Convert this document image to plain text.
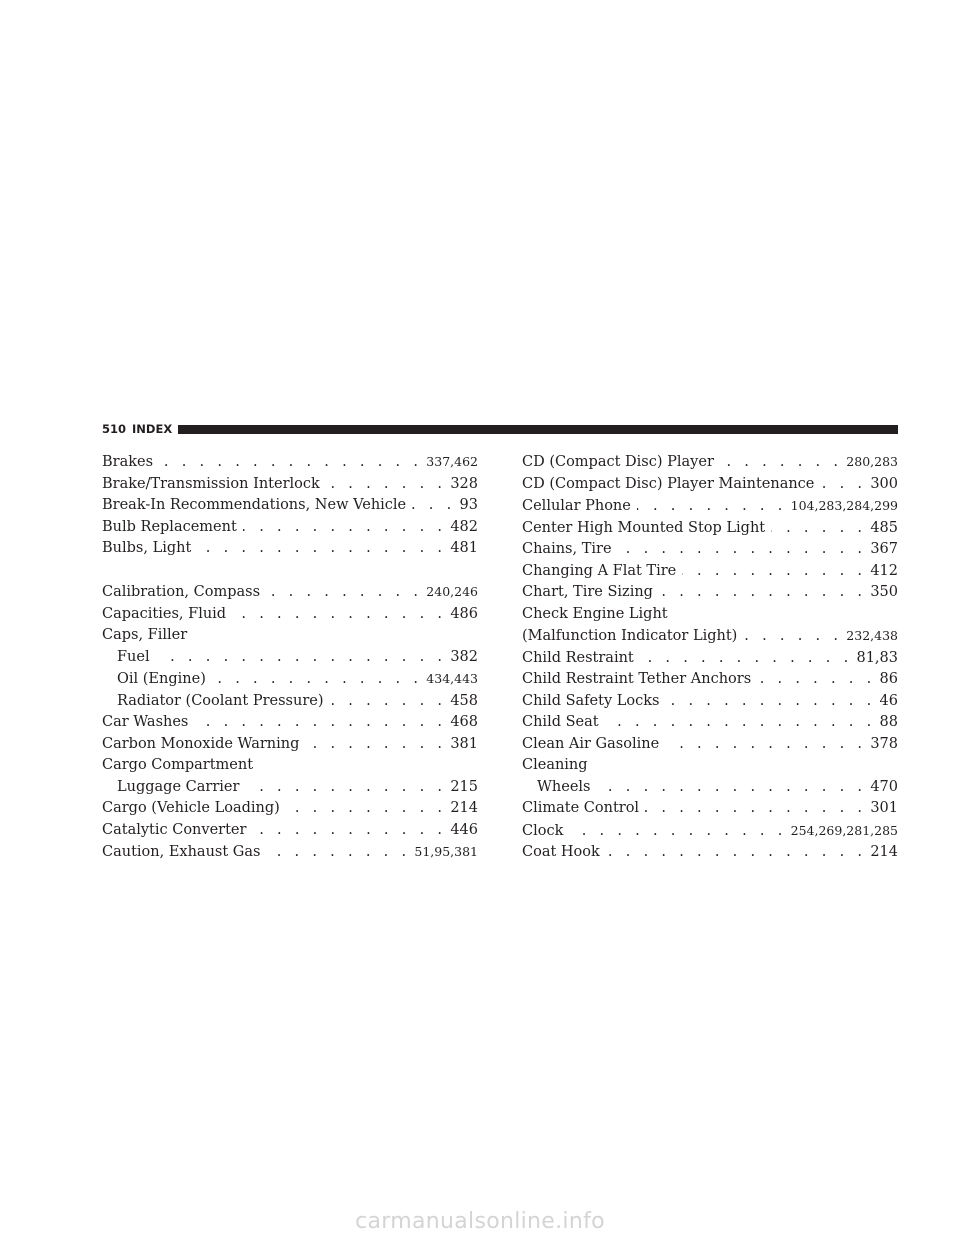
510 INDEX
Brakes . . .	337,462
Brake/Transmission Interlock . . .	328
Break-In Recommendations, New Vehicle . . .	93
Bulb Replacement . . .	482
Bulbs, Light . . .	481
Calibration, Compass . . .	240,246
Capacities, Fluid . . .	486
Caps, Filler
Fuel . . .	382
Oil (Engine) . . .	434,443
Radiator (Coolant Pressure) . . .	458
Car Washes . . .	468
Carbon Monoxide Warning . . .	381
Cargo Compartment
Luggage Carrier . . .	215
Cargo (Vehicle Loading) . . .	214
Catalytic Converter . . .	446
Caution, Exhaust Gas . . .	51,95,381
CD (Compact Disc) Player . . .	280,283
CD (Compact Disc) Player Maintenance . . .	300
Cellular Phone . . .	104,283,284,299
Center High Mounted Stop Light . . .	485
Chains, Tire . . .	367
Changing A Flat Tire . . .	412
Chart, Tire Sizing . . .	350
Check Engine Light
(Malfunction Indicator Light) . . .	232,438
Child Restraint . . .	81,83
Child Restraint Tether Anchors . . .	86
Child Safety Locks . . .	46
Child Seat . . .	88
Clean Air Gasoline . . .	378
Cleaning
Wheels . . .	470
Climate Control . . .	301
Clock . . .	254,269,281,285
Coat Hook . . .	214
carmanualsonline.info
